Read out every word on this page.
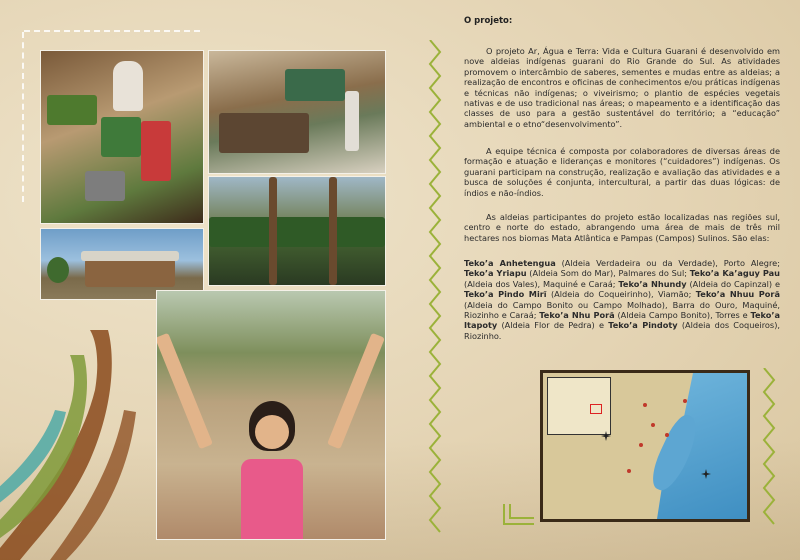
O projeto:

O projeto Ar, Água e Terra: Vida e Cultura Guarani é desenvolvido em nove aldeias indígenas guarani do Rio Grande do Sul. As atividades promovem o intercâmbio de saberes, sementes e mudas entre as aldeias; a realização de encontros e oficinas de conhecimentos e/ou práticas indígenas e técnicas não indígenas; o viveirismo; o plantio de espécies vegetais nativas e de uso tradicional nas áreas; o mapeamento e a identificação das classes de uso para a gestão sustentável do território; a “educação” ambiental e o etno“desenvolvimento”.

A equipe técnica é composta por colaboradores de diversas áreas de formação e atuação e lideranças e monitores (“cuidadores”) indígenas. Os guarani participam na construção, realização e avaliação das atividades e a busca de soluções é conjunta, intercultural, a partir das duas lógicas: de índios e não-índios.

As aldeias participantes do projeto estão localizadas nas regiões sul, centro e norte do estado, abrangendo uma área de mais de três mil hectares nos biomas Mata Atlântica e Pampas (Campos) Sulinos. São elas:

Teko’a Anhetengua (Aldeia Verdadeira ou da Verdade), Porto Alegre; Teko’a Yriapu (Aldeia Som do Mar), Palmares do Sul; Teko’a Ka’aguy Pau (Aldeia dos Vales), Maquiné e Caraá; Teko’a Nhundy (Aldeia do Capinzal) e Teko’a Pindo Mirĩ (Aldeia do Coqueirinho), Viamão; Teko’a Nhuu Porã (Aldeia do Campo Bonito ou Campo Molhado), Barra do Ouro, Maquiné, Riozinho e Caraá; Teko’a Nhu Porã (Aldeia Campo Bonito), Torres e Teko’a Itapoty (Aldeia Flor de Pedra) e Teko’a Pindoty (Aldeia dos Coqueiros), Riozinho.
